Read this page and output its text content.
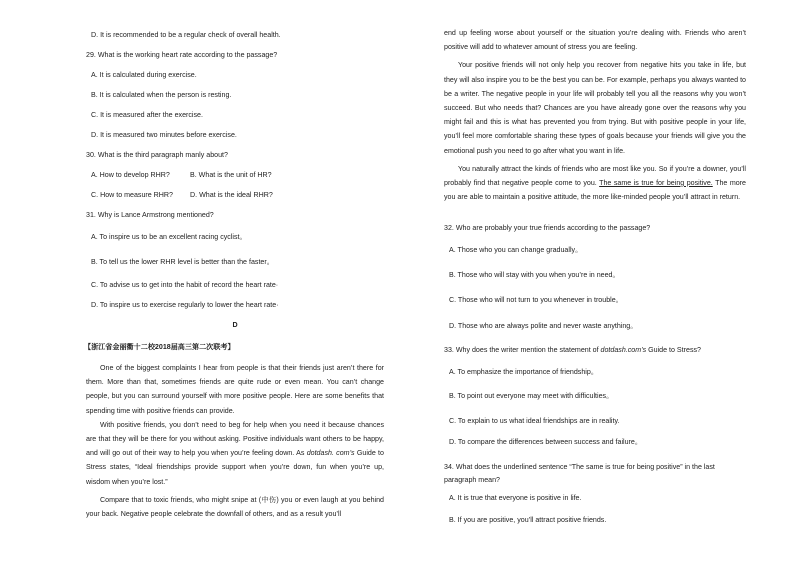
D. It is recommended to be a regular check of overall health.
29. What is the working heart rate according to the passage?
A. It is calculated during exercise.
B. It is calculated when the person is resting.
C. It is measured after the exercise.
D. It is measured two minutes before exercise.
30. What is the third paragraph manly about?
A. How to develop RHR?	B. What is the unit of HR?
C. How to measure RHR? D. What is the ideal RHR?
31. Why is Lance Armstrong mentioned?
A. To inspire us to be an excellent racing cyclist。
B. To tell us the lower RHR level is better than the faster。
C. To advise us to get into the habit of record the heart rate·
D. To inspire us to exercise regularly to lower the heart rate·
D
【浙江省金丽衢十二校2018届高三第二次联考】

One of the biggest complaints I hear from people is that their friends just aren’t there for them. More than that, sometimes friends are quite rude or even mean. You can’t change people, but you can surround yourself with more positive people. Here are some benefits that spending time with positive friends can provide.

With positive friends, you don’t need to beg for help when you need it because chances are that they will be there for you without asking. Positive individuals want others to be happy, and will go out of their way to help you when you’re feeling down. As dotdash. com’s Guide to Stress states, “Ideal friendships provide support when you’re down, fun when you’re up, wisdom when you’re lost.”

Compare that to toxic friends, who might snipe at (中伤) you or even laugh at you behind your back. Negative people celebrate the downfall of others, and as a result you’ll

end up feeling worse about yourself or the situation you’re dealing with. Friends who aren’t positive will add to whatever amount of stress you are feeling.

Your positive friends will not only help you recover from negative hits you take in life, but they will also inspire you to be the best you can be. For example, perhaps you always wanted to be a writer. The negative people in your life will probably tell you all the reasons why you won’t succeed. But who needs that? Chances are you have already gone over the reasons why you might fail and this is what has prevented you from trying. But with positive people in your life, you’ll feel more comfortable sharing these types of goals because your friends will give you the emotional push you need to go after what you want in life.

You naturally attract the kinds of friends who are most like you. So if you’re a downer, you’ll probably find that negative people come to you. The same is true for being positive. The more you are able to maintain a positive attitude, the more like-minded people you’ll attract in return.

32. Who are probably your true friends according to the passage?
A. Those who you can change gradually。
B. Those who will stay with you when you’re in need。
C. Those who will not turn to you whenever in trouble。
D. Those who are always polite and never waste anything。
33. Why does the writer mention the statement of dotdash.com’s Guide to Stress?
A. To emphasize the importance of friendship。
B. To point out everyone may meet with difficulties。
C. To explain to us what ideal friendships are in reality.
D. To compare the differences between success and failure。
34. What does the underlined sentence “The same is true for being positive” in the last
paragraph mean?
A. It is true that everyone is positive in life.
B. If you are positive, you’ll attract positive friends.
